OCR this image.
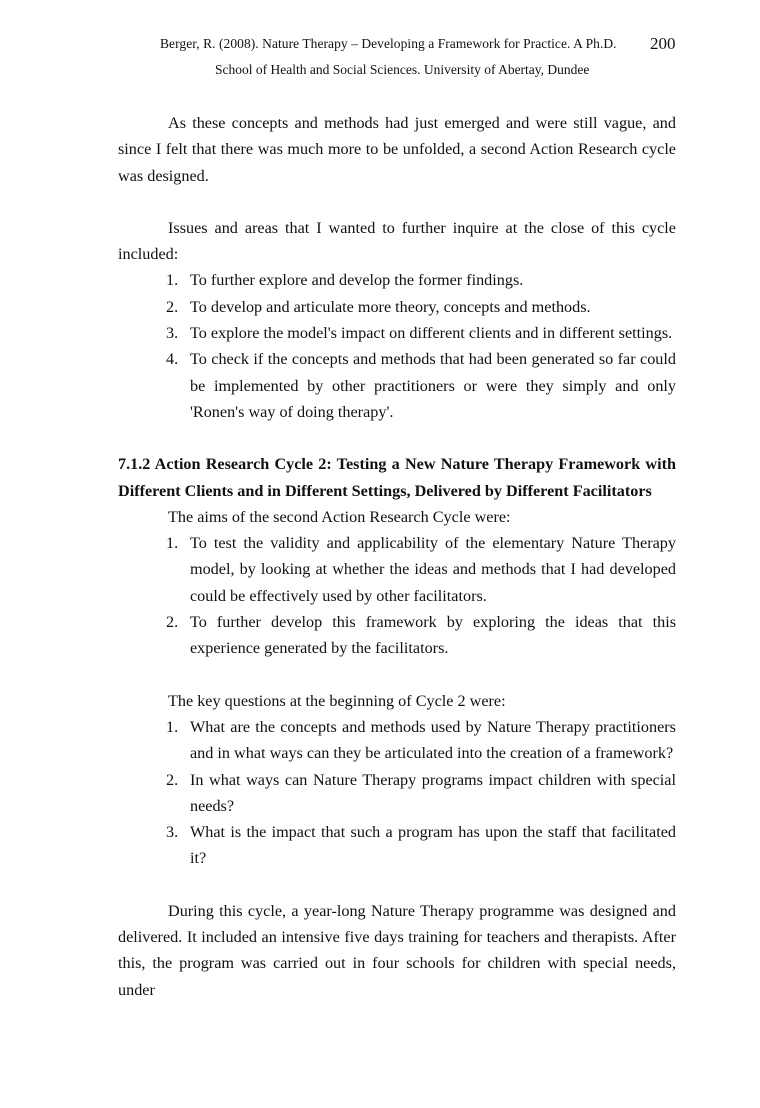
Berger, R. (2008). Nature Therapy – Developing a Framework for Practice. A Ph.D. 200
School of Health and Social Sciences. University of Abertay, Dundee

As these concepts and methods had just emerged and were still vague, and since I felt that there was much more to be unfolded, a second Action Research cycle was designed.

Issues and areas that I wanted to further inquire at the close of this cycle included:

1. To further explore and develop the former findings.
2. To develop and articulate more theory, concepts and methods.
3. To explore the model's impact on different clients and in different settings.
4. To check if the concepts and methods that had been generated so far could be implemented by other practitioners or were they simply and only 'Ronen's way of doing therapy'.

7.1.2 Action Research Cycle 2: Testing a New Nature Therapy Framework with Different Clients and in Different Settings, Delivered by Different Facilitators

The aims of the second Action Research Cycle were:

1. To test the validity and applicability of the elementary Nature Therapy model, by looking at whether the ideas and methods that I had developed could be effectively used by other facilitators.
2. To further develop this framework by exploring the ideas that this experience generated by the facilitators.

The key questions at the beginning of Cycle 2 were:

1. What are the concepts and methods used by Nature Therapy practitioners and in what ways can they be articulated into the creation of a framework?
2. In what ways can Nature Therapy programs impact children with special needs?
3. What is the impact that such a program has upon the staff that facilitated it?

During this cycle, a year-long Nature Therapy programme was designed and delivered. It included an intensive five days training for teachers and therapists. After this, the program was carried out in four schools for children with special needs, under
